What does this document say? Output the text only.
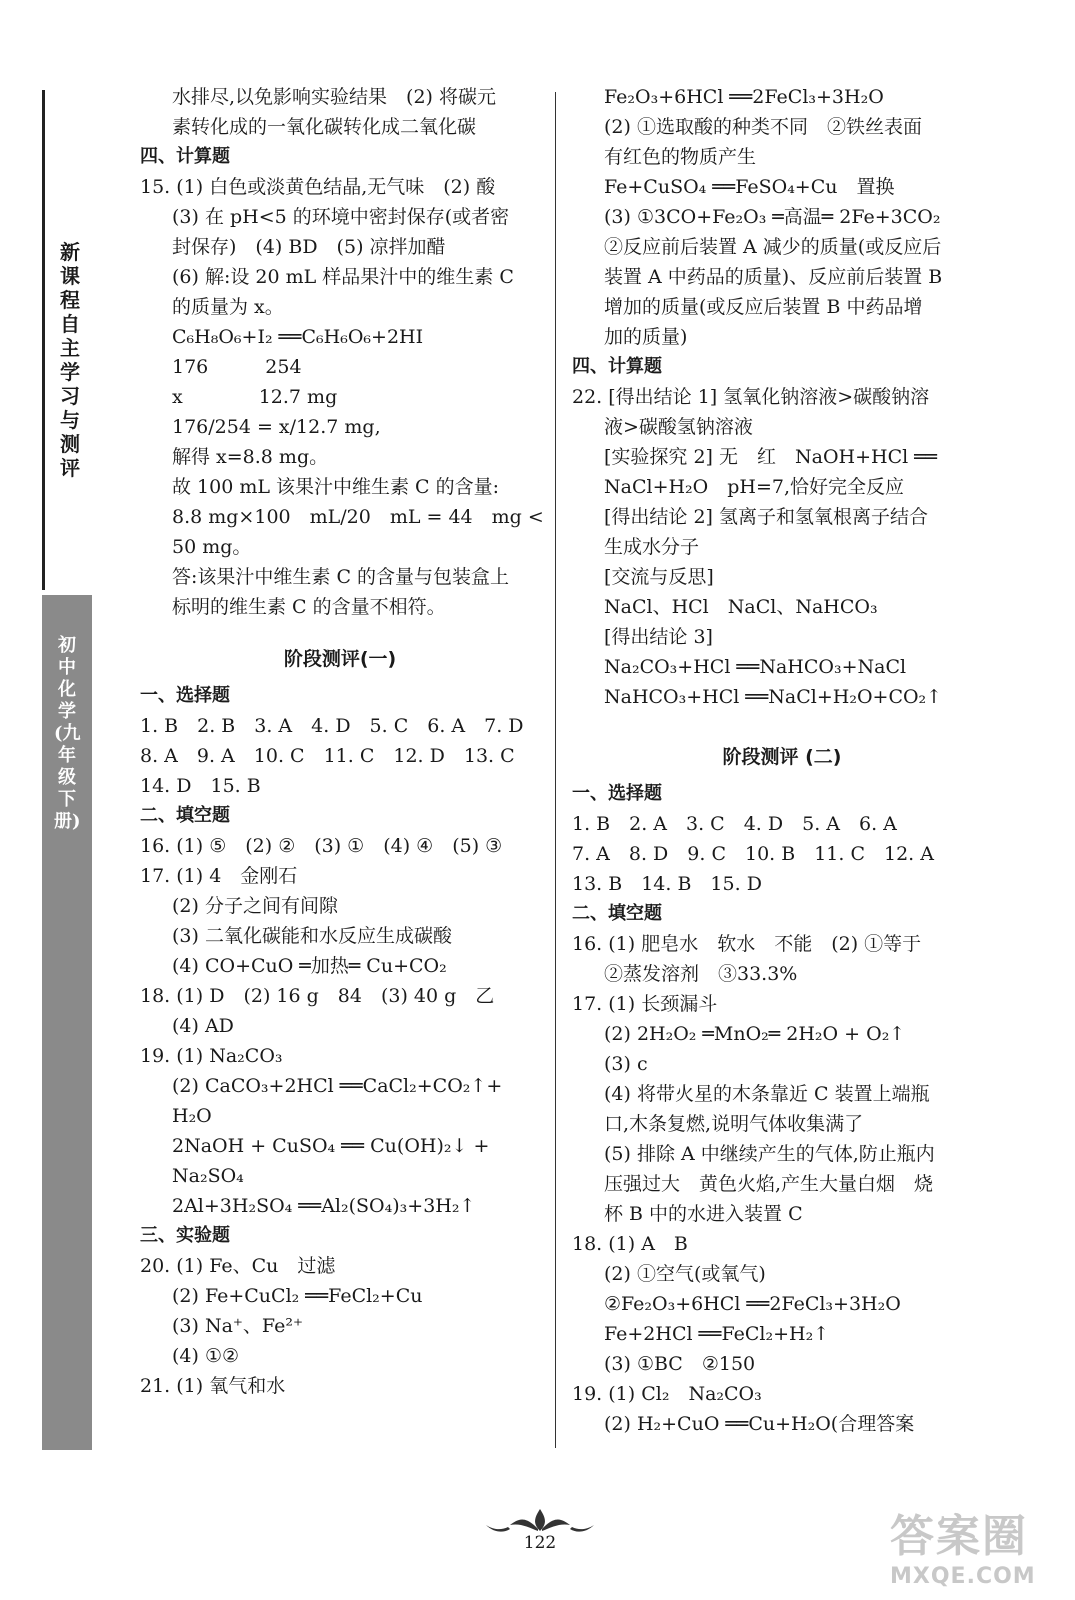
新课程自主学习与测评
初中化学(九年级下册)
水排尽,以免影响实验结果　(2) 将碳元
素转化成的一氧化碳转化成二氧化碳
四、计算题
15. (1) 白色或淡黄色结晶,无气味　(2) 酸
(3) 在 pH<5 的环境中密封保存(或者密
封保存)　(4) BD　(5) 凉拌加醋
(6) 解:设 20 mL 样品果汁中的维生素 C
的质量为 x。
C₆H₈O₆+I₂ ══C₆H₆O₆+2HI
176　　　254
x　　　　12.7 mg
176/254 = x/12.7 mg,
解得 x=8.8 mg。
故 100 mL 该果汁中维生素 C 的含量:
8.8 mg×100　mL/20　mL = 44　mg <
50 mg。
答:该果汁中维生素 C 的含量与包装盒上
标明的维生素 C 的含量不相符。
阶段测评(一)
一、选择题
1. B　2. B　3. A　4. D　5. C　6. A　7. D
8. A　9. A　10. C　11. C　12. D　13. C
14. D　15. B
二、填空题
16. (1) ⑤　(2) ②　(3) ①　(4) ④　(5) ③
17. (1) 4　金刚石
(2) 分子之间有间隙
(3) 二氧化碳能和水反应生成碳酸
(4) CO+CuO ═加热═ Cu+CO₂
18. (1) D　(2) 16 g　84　(3) 40 g　乙
(4) AD
19. (1) Na₂CO₃
(2) CaCO₃+2HCl ══CaCl₂+CO₂↑+
H₂O
2NaOH + CuSO₄ ══ Cu(OH)₂↓ +
Na₂SO₄
2Al+3H₂SO₄ ══Al₂(SO₄)₃+3H₂↑
三、实验题
20. (1) Fe、Cu　过滤
(2) Fe+CuCl₂ ══FeCl₂+Cu
(3) Na⁺、Fe²⁺
(4) ①②
21. (1) 氧气和水
Fe₂O₃+6HCl ══2FeCl₃+3H₂O
(2) ①选取酸的种类不同　②铁丝表面
有红色的物质产生
Fe+CuSO₄ ══FeSO₄+Cu　置换
(3) ①3CO+Fe₂O₃ ═高温═ 2Fe+3CO₂
②反应前后装置 A 减少的质量(或反应后
装置 A 中药品的质量)、反应前后装置 B
增加的质量(或反应后装置 B 中药品增
加的质量)
四、计算题
22. [得出结论 1] 氢氧化钠溶液>碳酸钠溶
液>碳酸氢钠溶液
[实验探究 2] 无　红　NaOH+HCl ══
NaCl+H₂O　pH=7,恰好完全反应
[得出结论 2] 氢离子和氢氧根离子结合
生成水分子
[交流与反思]
NaCl、HCl　NaCl、NaHCO₃
[得出结论 3]
Na₂CO₃+HCl ══NaHCO₃+NaCl
NaHCO₃+HCl ══NaCl+H₂O+CO₂↑
阶段测评 (二)
一、选择题
1. B　2. A　3. C　4. D　5. A　6. A
7. A　8. D　9. C　10. B　11. C　12. A
13. B　14. B　15. D
二、填空题
16. (1) 肥皂水　软水　不能　(2) ①等于
②蒸发溶剂　③33.3%
17. (1) 长颈漏斗
(2) 2H₂O₂ ═MnO₂═ 2H₂O + O₂↑
(3) c
(4) 将带火星的木条靠近 C 装置上端瓶
口,木条复燃,说明气体收集满了
(5) 排除 A 中继续产生的气体,防止瓶内
压强过大　黄色火焰,产生大量白烟　烧
杯 B 中的水进入装置 C
18. (1) A　B
(2) ①空气(或氧气)
②Fe₂O₃+6HCl ══2FeCl₃+3H₂O
Fe+2HCl ══FeCl₂+H₂↑
(3) ①BC　②150
19. (1) Cl₂　Na₂CO₃
(2) H₂+CuO ══Cu+H₂O(合理答案
122	答案圈
MXQE.COM
